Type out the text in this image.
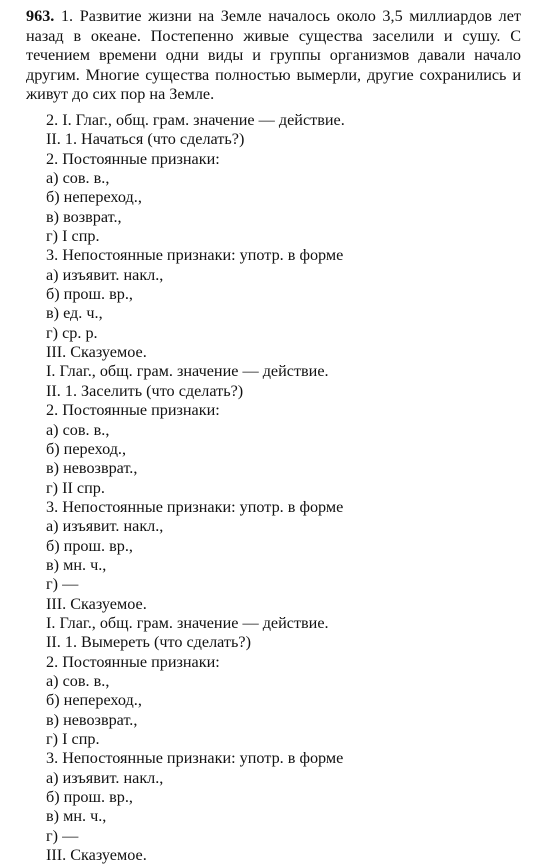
963. 1. Развитие жизни на Земле началось около 3,5 миллиардов лет назад в океане. Постепенно живые существа заселили и сушу. С течением времени одни виды и группы организмов давали начало другим. Многие существа полностью вымерли, другие сохранились и живут до сих пор на Земле.

2. I. Глаг., общ. грам. значение — действие.
II. 1. Начаться (что сделать?)
2. Постоянные признаки:
а) сов. в.,
б) непереход.,
в) возврат.,
г) I спр.
3. Непостоянные признаки: употр. в форме
а) изъявит. накл.,
б) прош. вр.,
в) ед. ч.,
г) ср. р.
III. Сказуемое.
I. Глаг., общ. грам. значение — действие.
II. 1. Заселить (что сделать?)
2. Постоянные признаки:
а) сов. в.,
б) переход.,
в) невозврат.,
г) II спр.
3. Непостоянные признаки: употр. в форме
а) изъявит. накл.,
б) прош. вр.,
в) мн. ч.,
г) —
III. Сказуемое.
I. Глаг., общ. грам. значение — действие.
II. 1. Вымереть (что сделать?)
2. Постоянные признаки:
а) сов. в.,
б) непереход.,
в) невозврат.,
г) I спр.
3. Непостоянные признаки: употр. в форме
а) изъявит. накл.,
б) прош. вр.,
в) мн. ч.,
г) —
III. Сказуемое.
